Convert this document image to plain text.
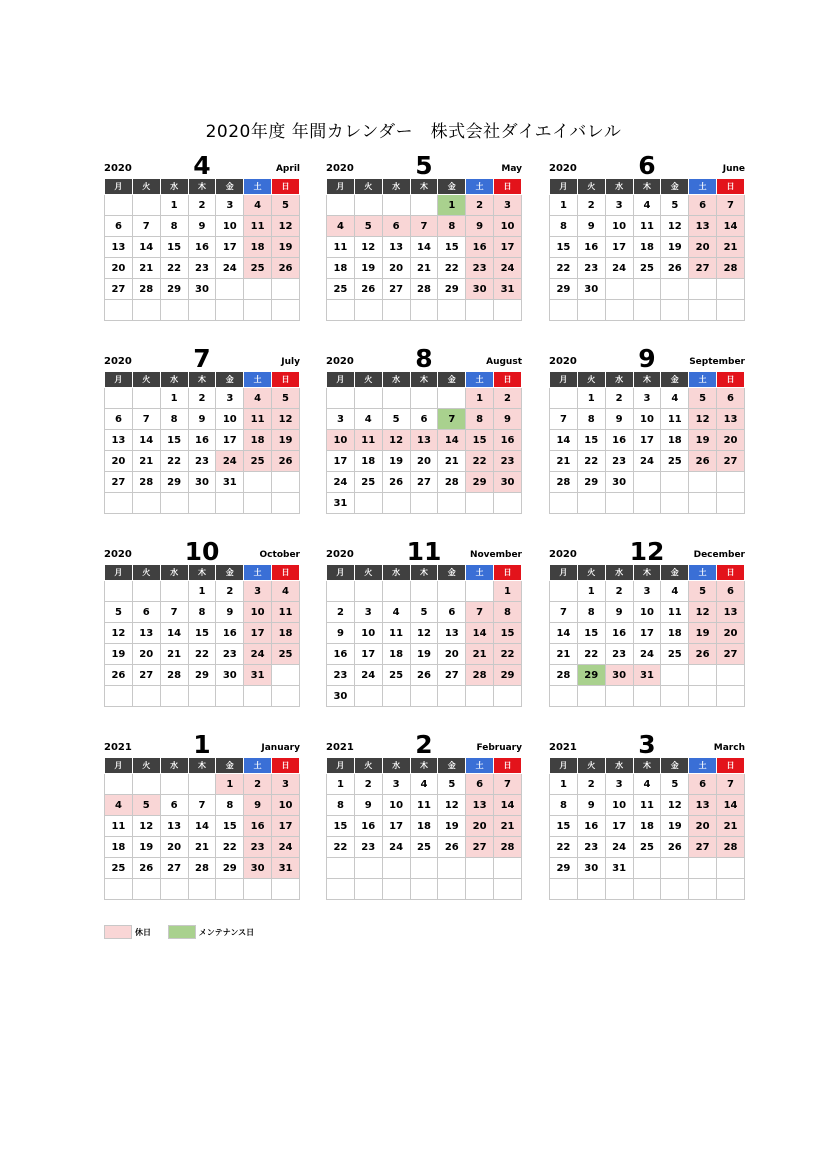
2020年度 年間カレンダー　株式会社ダイエイバレル
2020	4	April
月	火	水	木	金	土	日
		1	2	3	4	5
6	7	8	9	10	11	12
13	14	15	16	17	18	19
20	21	22	23	24	25	26
27	28	29	30			

2020	5	May
月	火	水	木	金	土	日
				1	2	3
4	5	6	7	8	9	10
11	12	13	14	15	16	17
18	19	20	21	22	23	24
25	26	27	28	29	30	31

2020	6	June
月	火	水	木	金	土	日
1	2	3	4	5	6	7
8	9	10	11	12	13	14
15	16	17	18	19	20	21
22	23	24	25	26	27	28
29	30					

2020	7	July
月	火	水	木	金	土	日
		1	2	3	4	5
6	7	8	9	10	11	12
13	14	15	16	17	18	19
20	21	22	23	24	25	26
27	28	29	30	31		

2020	8	August
月	火	水	木	金	土	日
					1	2
3	4	5	6	7	8	9
10	11	12	13	14	15	16
17	18	19	20	21	22	23
24	25	26	27	28	29	30
31						
2020	9	September
月	火	水	木	金	土	日
	1	2	3	4	5	6
7	8	9	10	11	12	13
14	15	16	17	18	19	20
21	22	23	24	25	26	27
28	29	30				

2020	10	October
月	火	水	木	金	土	日
			1	2	3	4
5	6	7	8	9	10	11
12	13	14	15	16	17	18
19	20	21	22	23	24	25
26	27	28	29	30	31	

2020	11	November
月	火	水	木	金	土	日
						1
2	3	4	5	6	7	8
9	10	11	12	13	14	15
16	17	18	19	20	21	22
23	24	25	26	27	28	29
30						
2020	12	December
月	火	水	木	金	土	日
	1	2	3	4	5	6
7	8	9	10	11	12	13
14	15	16	17	18	19	20
21	22	23	24	25	26	27
28	29	30	31			

2021	1	January
月	火	水	木	金	土	日
				1	2	3
4	5	6	7	8	9	10
11	12	13	14	15	16	17
18	19	20	21	22	23	24
25	26	27	28	29	30	31

2021	2	February
月	火	水	木	金	土	日
1	2	3	4	5	6	7
8	9	10	11	12	13	14
15	16	17	18	19	20	21
22	23	24	25	26	27	28

2021	3	March
月	火	水	木	金	土	日
1	2	3	4	5	6	7
8	9	10	11	12	13	14
15	16	17	18	19	20	21
22	23	24	25	26	27	28
29	30	31				

休日
	メンテナンス日
